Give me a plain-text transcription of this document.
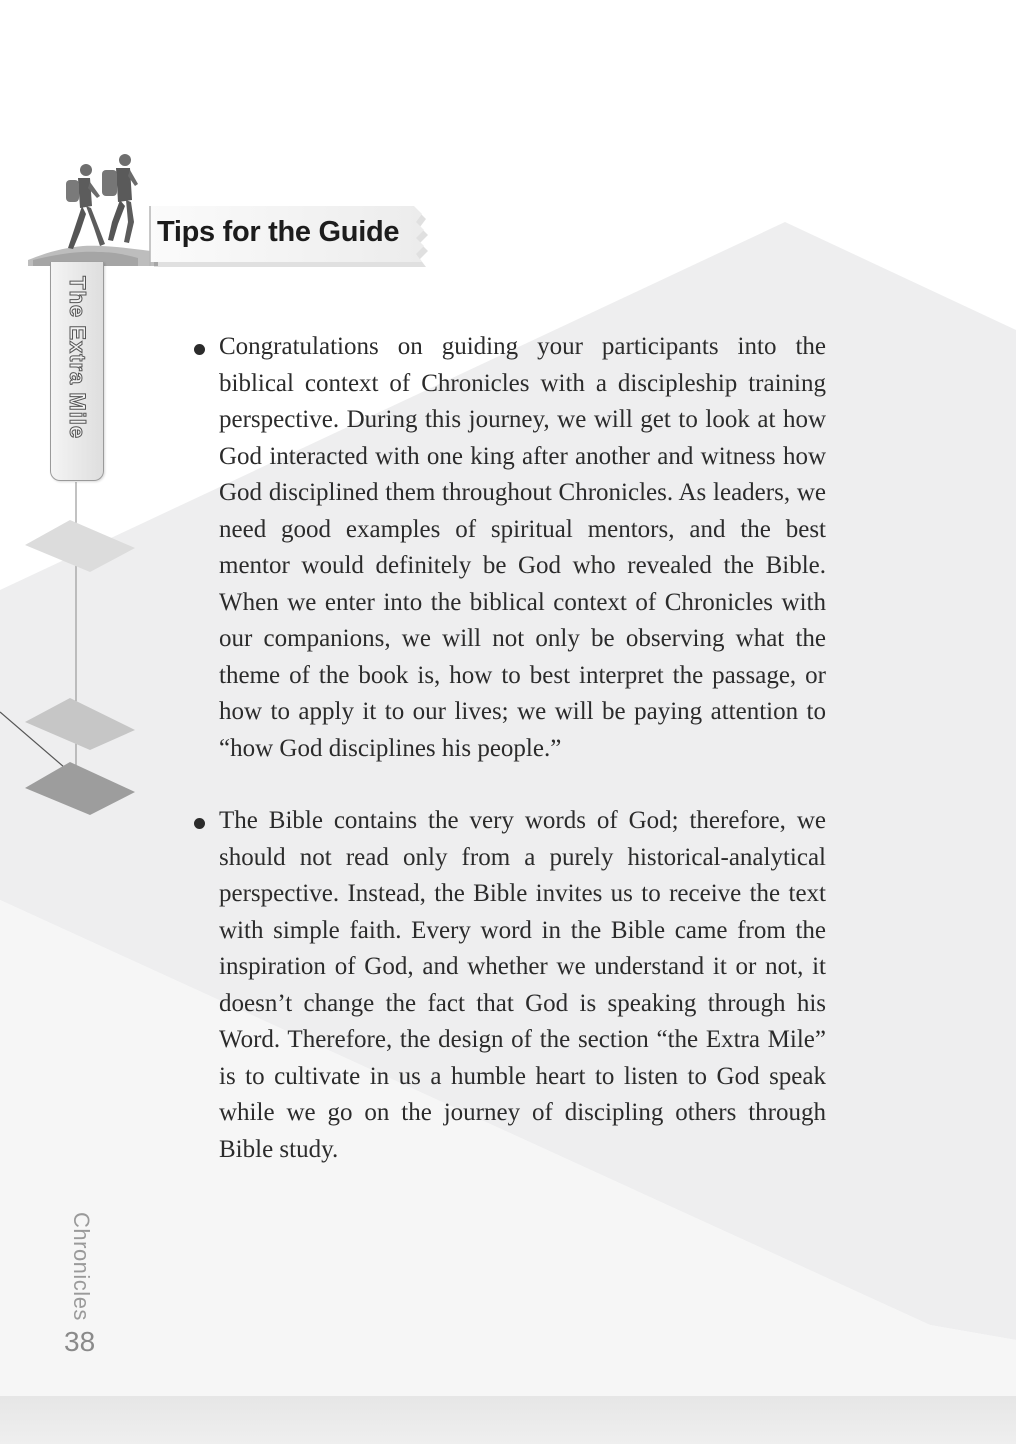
Tips for the Guide
The Extra Mile	Congratulations on guiding your participants into the biblical context of Chronicles with a discipleship training perspective. During this journey, we will get to look at how God interacted with one king after another and witness how God disciplined them throughout Chronicles. As leaders, we need good examples of spiritual mentors, and the best mentor would definitely be God who revealed the Bible. When we enter into the biblical context of Chronicles with our companions, we will not only be observing what the theme of the book is, how to best interpret the passage, or how to apply it to our lives; we will be paying attention to “how God disciplines his people.”
The Bible contains the very words of God; therefore, we should not read only from a purely historical-analytical perspective. Instead, the Bible invites us to receive the text with simple faith. Every word in the Bible came from the inspiration of God, and whether we understand it or not, it doesn’t change the fact that God is speaking through his Word. Therefore, the design of the section “the Extra Mile” is to cultivate in us a humble heart to listen to God speak while we go on the journey of discipling others through Bible study.
Chronicles
38
